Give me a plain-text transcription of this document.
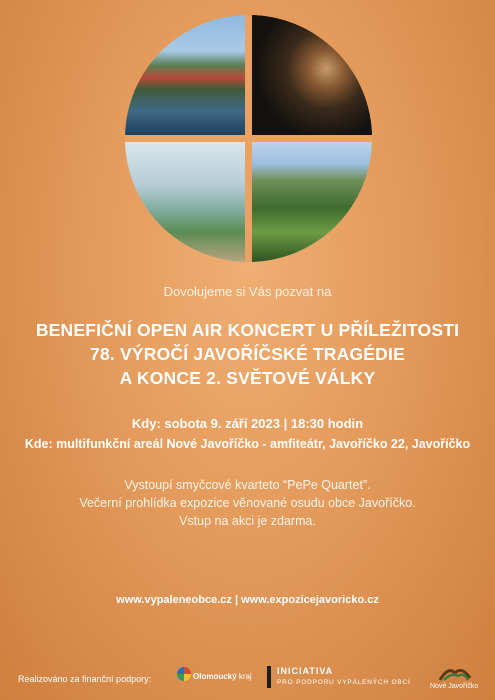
Dovolujeme si Vás pozvat na
BENEFIČNÍ OPEN AIR KONCERT U PŘÍLEŽITOSTI
78. VÝROČÍ JAVOŘÍČSKÉ TRAGÉDIE
A KONCE 2. SVĚTOVÉ VÁLKY
Kdy: sobota 9. září 2023 | 18:30 hodin
Kde: multifunkční areál Nové Javoříčko - amfiteátr, Javoříčko 22, Javoříčko
Vystoupí smyčcové kvarteto “PePe Quartet”.
Večerní prohlídka expozice věnované osudu obce Javoříčko.
Vstup na akci je zdarma.
www.vypaleneobce.cz | www.expozicejavoricko.cz
Realizováno za finanční podpory:	Olomoucký kraj
INICIATIVA
PRO PODPORU VYPÁLENÝCH OBCÍ
Nové Javoříčko
